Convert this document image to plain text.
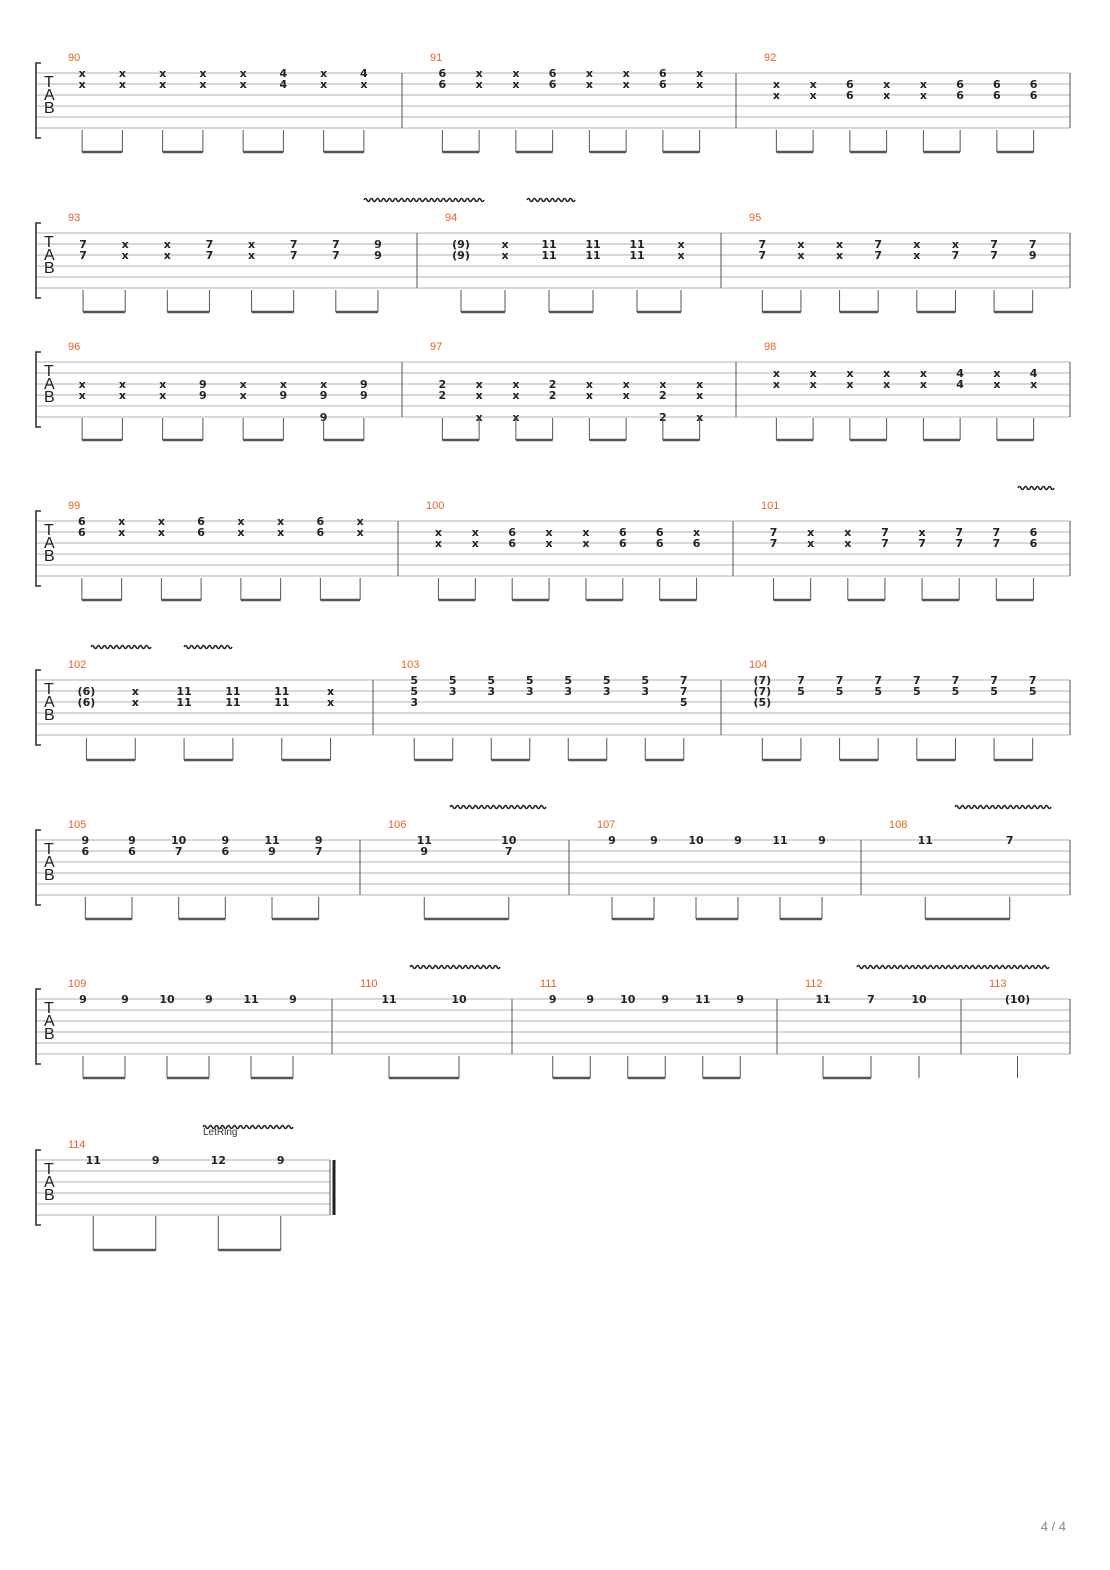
T
A
B
90
x
x
x
x
x
x
x
x
x
x
4
4
x
x
4
x
91
6
6
x
x
x
x
6
6
x
x
x
x
6
6
x
x
92
x
x
x
x
6
6
x
x
x
x
6
6
6
6
6
6
T
A
B
93
7
7
x
x
x
x
7
7
x
x
7
7
7
7
9
9
94
(9)
(9)
x
x
11
11
11
11
11
11
x
x
95
7
7
x
x
x
x
7
7
x
x
x
7
7
7
7
9
T
A
B
96
x
x
x
x
x
x
9
9
x
x
x
9
x
9
9
9
9
97
2
2
x
x
x
x
x
x
2
2
x
x
x
x
x
2
2
x
x
x
98
x
x
x
x
x
x
x
x
x
x
4
4
x
x
4
x
T
A
B
99
6
6
x
x
x
x
6
6
x
x
x
x
6
6
x
x
100
x
x
x
x
6
6
x
x
x
x
6
6
6
6
x
6
101
7
7
x
x
x
x
7
7
x
7
7
7
7
7
6
6
T
A
B
102
(6)
(6)
x
x
11
11
11
11
11
11
x
x
103
5
5
3
5
3
5
3
5
3
5
3
5
3
5
3
7
7
5
104
(7)
(7)
(5)
7
5
7
5
7
5
7
5
7
5
7
5
7
5
T
A
B
105
9
6
9
6
10
7
9
6
11
9
9
7
106
11
9
10
7
107
9	9	10	9	11	9
108
11	7
T
A
B
109
9	9	10	9	11	9
110
11	10
111
9	9 10 9 11 9
112
11	7	10
113
(10)
T
A
B
114
11	9	12	9
LetRing
4 / 4
